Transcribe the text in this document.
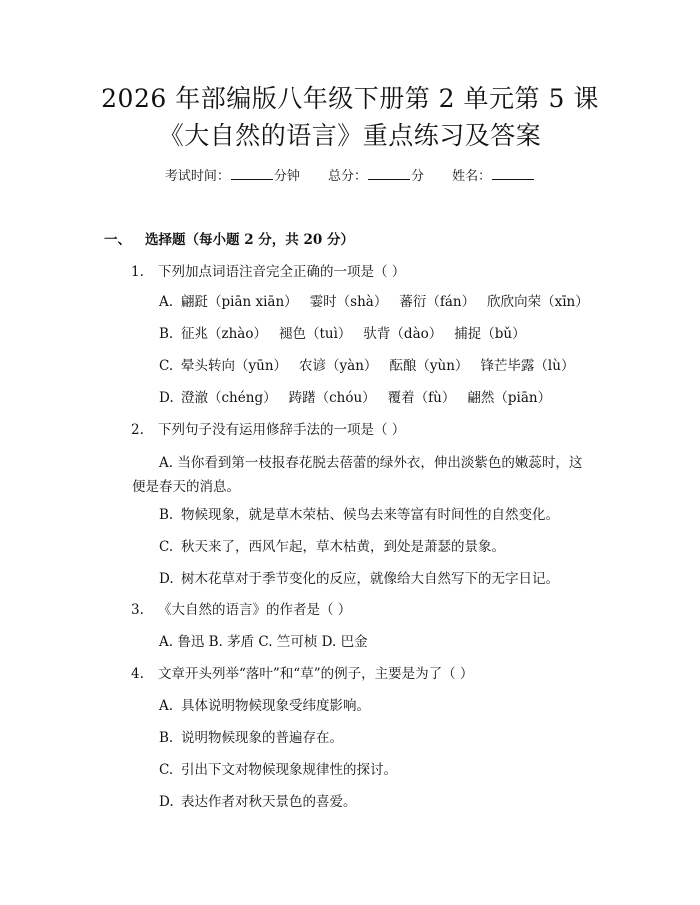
2026 年部编版八年级下册第 2 单元第 5 课
《大自然的语言》重点练习及答案
考试时间：	分钟 总分：	分 姓名：
一、 选择题（每小题 2 分，共 20 分）
1. 下列加点词语注音完全正确的一项是（ ）
A. 翩跹（piān xiān） 霎时（shà） 蕃衍（fán） 欣欣向荣（xīn）
B. 征兆（zhào） 褪色（tuì） 驮背（dào） 捕捉（bǔ）
C. 晕头转向（yūn） 农谚（yàn） 酝酿（yùn） 锋芒毕露（lù）
D. 澄澈（chéng） 踌躇（chóu） 覆着（fù） 翩然（piān）
2. 下列句子没有运用修辞手法的一项是（ ）
A. 当你看到第一枝报春花脱去蓓蕾的绿外衣，伸出淡紫色的嫩蕊时，这便是春天的消息。
B. 物候现象，就是草木荣枯、候鸟去来等富有时间性的自然变化。
C. 秋天来了，西风乍起，草木枯黄，到处是萧瑟的景象。
D. 树木花草对于季节变化的反应，就像给大自然写下的无字日记。
3. 《大自然的语言》的作者是（ ）
A. 鲁迅 B. 茅盾 C. 竺可桢 D. 巴金
4. 文章开头列举“落叶”和“草”的例子，主要是为了（ ）
A. 具体说明物候现象受纬度影响。
B. 说明物候现象的普遍存在。
C. 引出下文对物候现象规律性的探讨。
D. 表达作者对秋天景色的喜爱。
